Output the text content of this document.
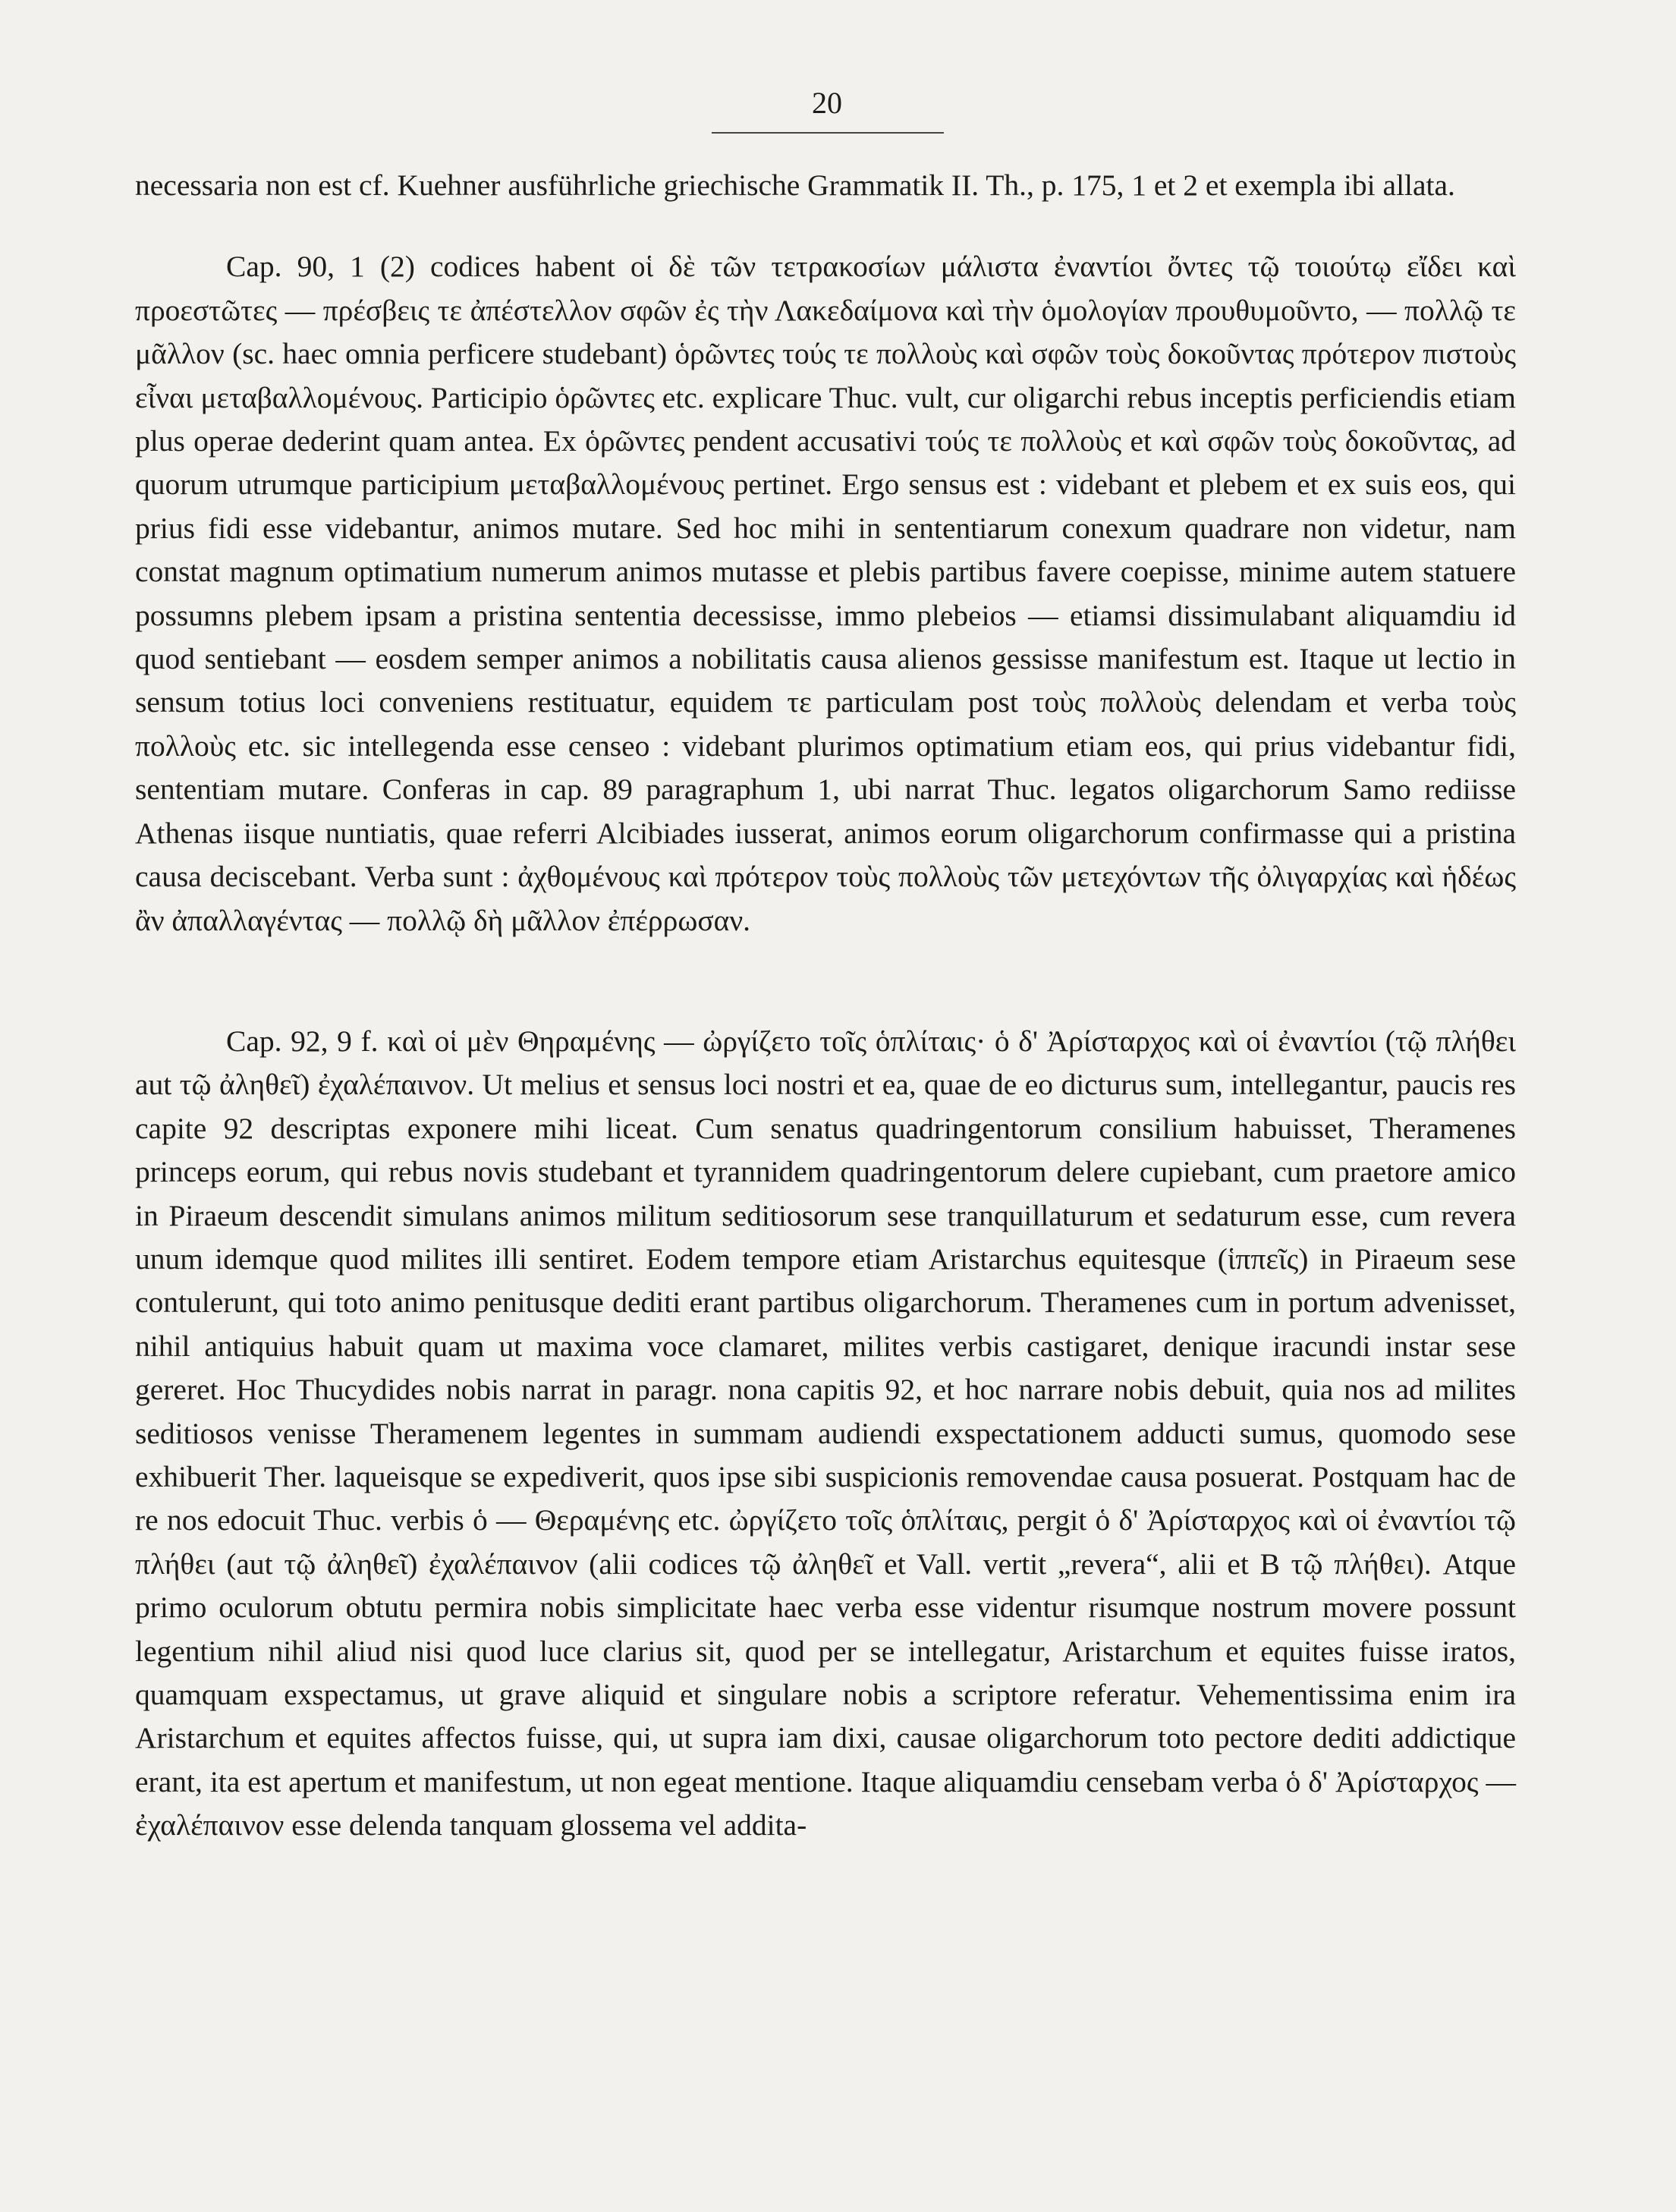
20

necessaria non est cf. Kuehner ausführliche griechische Grammatik II. Th., p. 175, 1 et 2 et exempla ibi allata.

Cap. 90, 1 (2) codices habent οἱ δὲ τῶν τετρακοσίων μάλιστα ἐναντίοι ὄντες τῷ τοιούτῳ εἴδει καὶ προεστῶτες — πρέσβεις τε ἀπέστελλον σφῶν ἐς τὴν Λακεδαίμονα καὶ τὴν ὁμολογίαν προυθυμοῦντο, — πολλῷ τε μᾶλλον (sc. haec omnia perficere studebant) ὁρῶντες τούς τε πολλοὺς καὶ σφῶν τοὺς δοκοῦντας πρότερον πιστοὺς εἶναι μεταβαλλομένους. Participio ὁρῶντες etc. explicare Thuc. vult, cur oligarchi rebus inceptis perficiendis etiam plus operae dederint quam antea. Ex ὁρῶντες pendent accusativi τούς τε πολλοὺς et καὶ σφῶν τοὺς δοκοῦντας, ad quorum utrumque participium μεταβαλλομένους pertinet. Ergo sensus est : videbant et plebem et ex suis eos, qui prius fidi esse videbantur, animos mutare. Sed hoc mihi in sententiarum conexum quadrare non videtur, nam constat magnum optimatium numerum animos mutasse et plebis partibus favere coepisse, minime autem statuere possumns plebem ipsam a pristina sententia decessisse, immo plebeios — etiamsi dissimulabant aliquamdiu id quod sentiebant — eosdem semper animos a nobilitatis causa alienos gessisse manifestum est. Itaque ut lectio in sensum totius loci conveniens restituatur, equidem τε particulam post τοὺς πολλοὺς delendam et verba τοὺς πολλοὺς etc. sic intellegenda esse censeo : videbant plurimos optimatium etiam eos, qui prius videbantur fidi, sententiam mutare. Conferas in cap. 89 paragraphum 1, ubi narrat Thuc. legatos oligarchorum Samo rediisse Athenas iisque nuntiatis, quae referri Alcibiades iusserat, animos eorum oligarchorum confirmasse qui a pristina causa deciscebant. Verba sunt : ἀχθομένους καὶ πρότερον τοὺς πολλοὺς τῶν μετεχόντων τῆς ὀλιγαρχίας καὶ ἡδέως ἂν ἀπαλλαγέντας — πολλῷ δὴ μᾶλλον ἐπέρρωσαν.

Cap. 92, 9 f. καὶ οἱ μὲν Θηραμένης — ὠργίζετο τοῖς ὁπλίταις· ὁ δ' Ἀρίσταρχος καὶ οἱ ἐναντίοι (τῷ πλήθει aut τῷ ἀληθεῖ) ἐχαλέπαινον. Ut melius et sensus loci nostri et ea, quae de eo dicturus sum, intellegantur, paucis res capite 92 descriptas exponere mihi liceat. Cum senatus quadringentorum consilium habuisset, Theramenes princeps eorum, qui rebus novis studebant et tyrannidem quadringentorum delere cupiebant, cum praetore amico in Piraeum descendit simulans animos militum seditiosorum sese tranquillaturum et sedaturum esse, cum revera unum idemque quod milites illi sentiret. Eodem tempore etiam Aristarchus equitesque (ἱππεῖς) in Piraeum sese contulerunt, qui toto animo penitusque dediti erant partibus oligarchorum. Theramenes cum in portum advenisset, nihil antiquius habuit quam ut maxima voce clamaret, milites verbis castigaret, denique iracundi instar sese gereret. Hoc Thucydides nobis narrat in paragr. nona capitis 92, et hoc narrare nobis debuit, quia nos ad milites seditiosos venisse Theramenem legentes in summam audiendi exspectationem adducti sumus, quomodo sese exhibuerit Ther. laqueisque se expediverit, quos ipse sibi suspicionis removendae causa posuerat. Postquam hac de re nos edocuit Thuc. verbis ὁ — Θεραμένης etc. ὠργίζετο τοῖς ὁπλίταις, pergit ὁ δ' Ἀρίσταρχος καὶ οἱ ἐναντίοι τῷ πλήθει (aut τῷ ἀληθεῖ) ἐχαλέπαινον (alii codices τῷ ἀληθεῖ et Vall. vertit „revera“, alii et B τῷ πλήθει). Atque primo oculorum obtutu permira nobis simplicitate haec verba esse videntur risumque nostrum movere possunt legentium nihil aliud nisi quod luce clarius sit, quod per se intellegatur, Aristarchum et equites fuisse iratos, quamquam exspectamus, ut grave aliquid et singulare nobis a scriptore referatur. Vehementissima enim ira Aristarchum et equites affectos fuisse, qui, ut supra iam dixi, causae oligarchorum toto pectore dediti addictique erant, ita est apertum et manifestum, ut non egeat mentione. Itaque aliquamdiu censebam verba ὁ δ' Ἀρίσταρχος — ἐχαλέπαινον esse delenda tanquam glossema vel addita-
